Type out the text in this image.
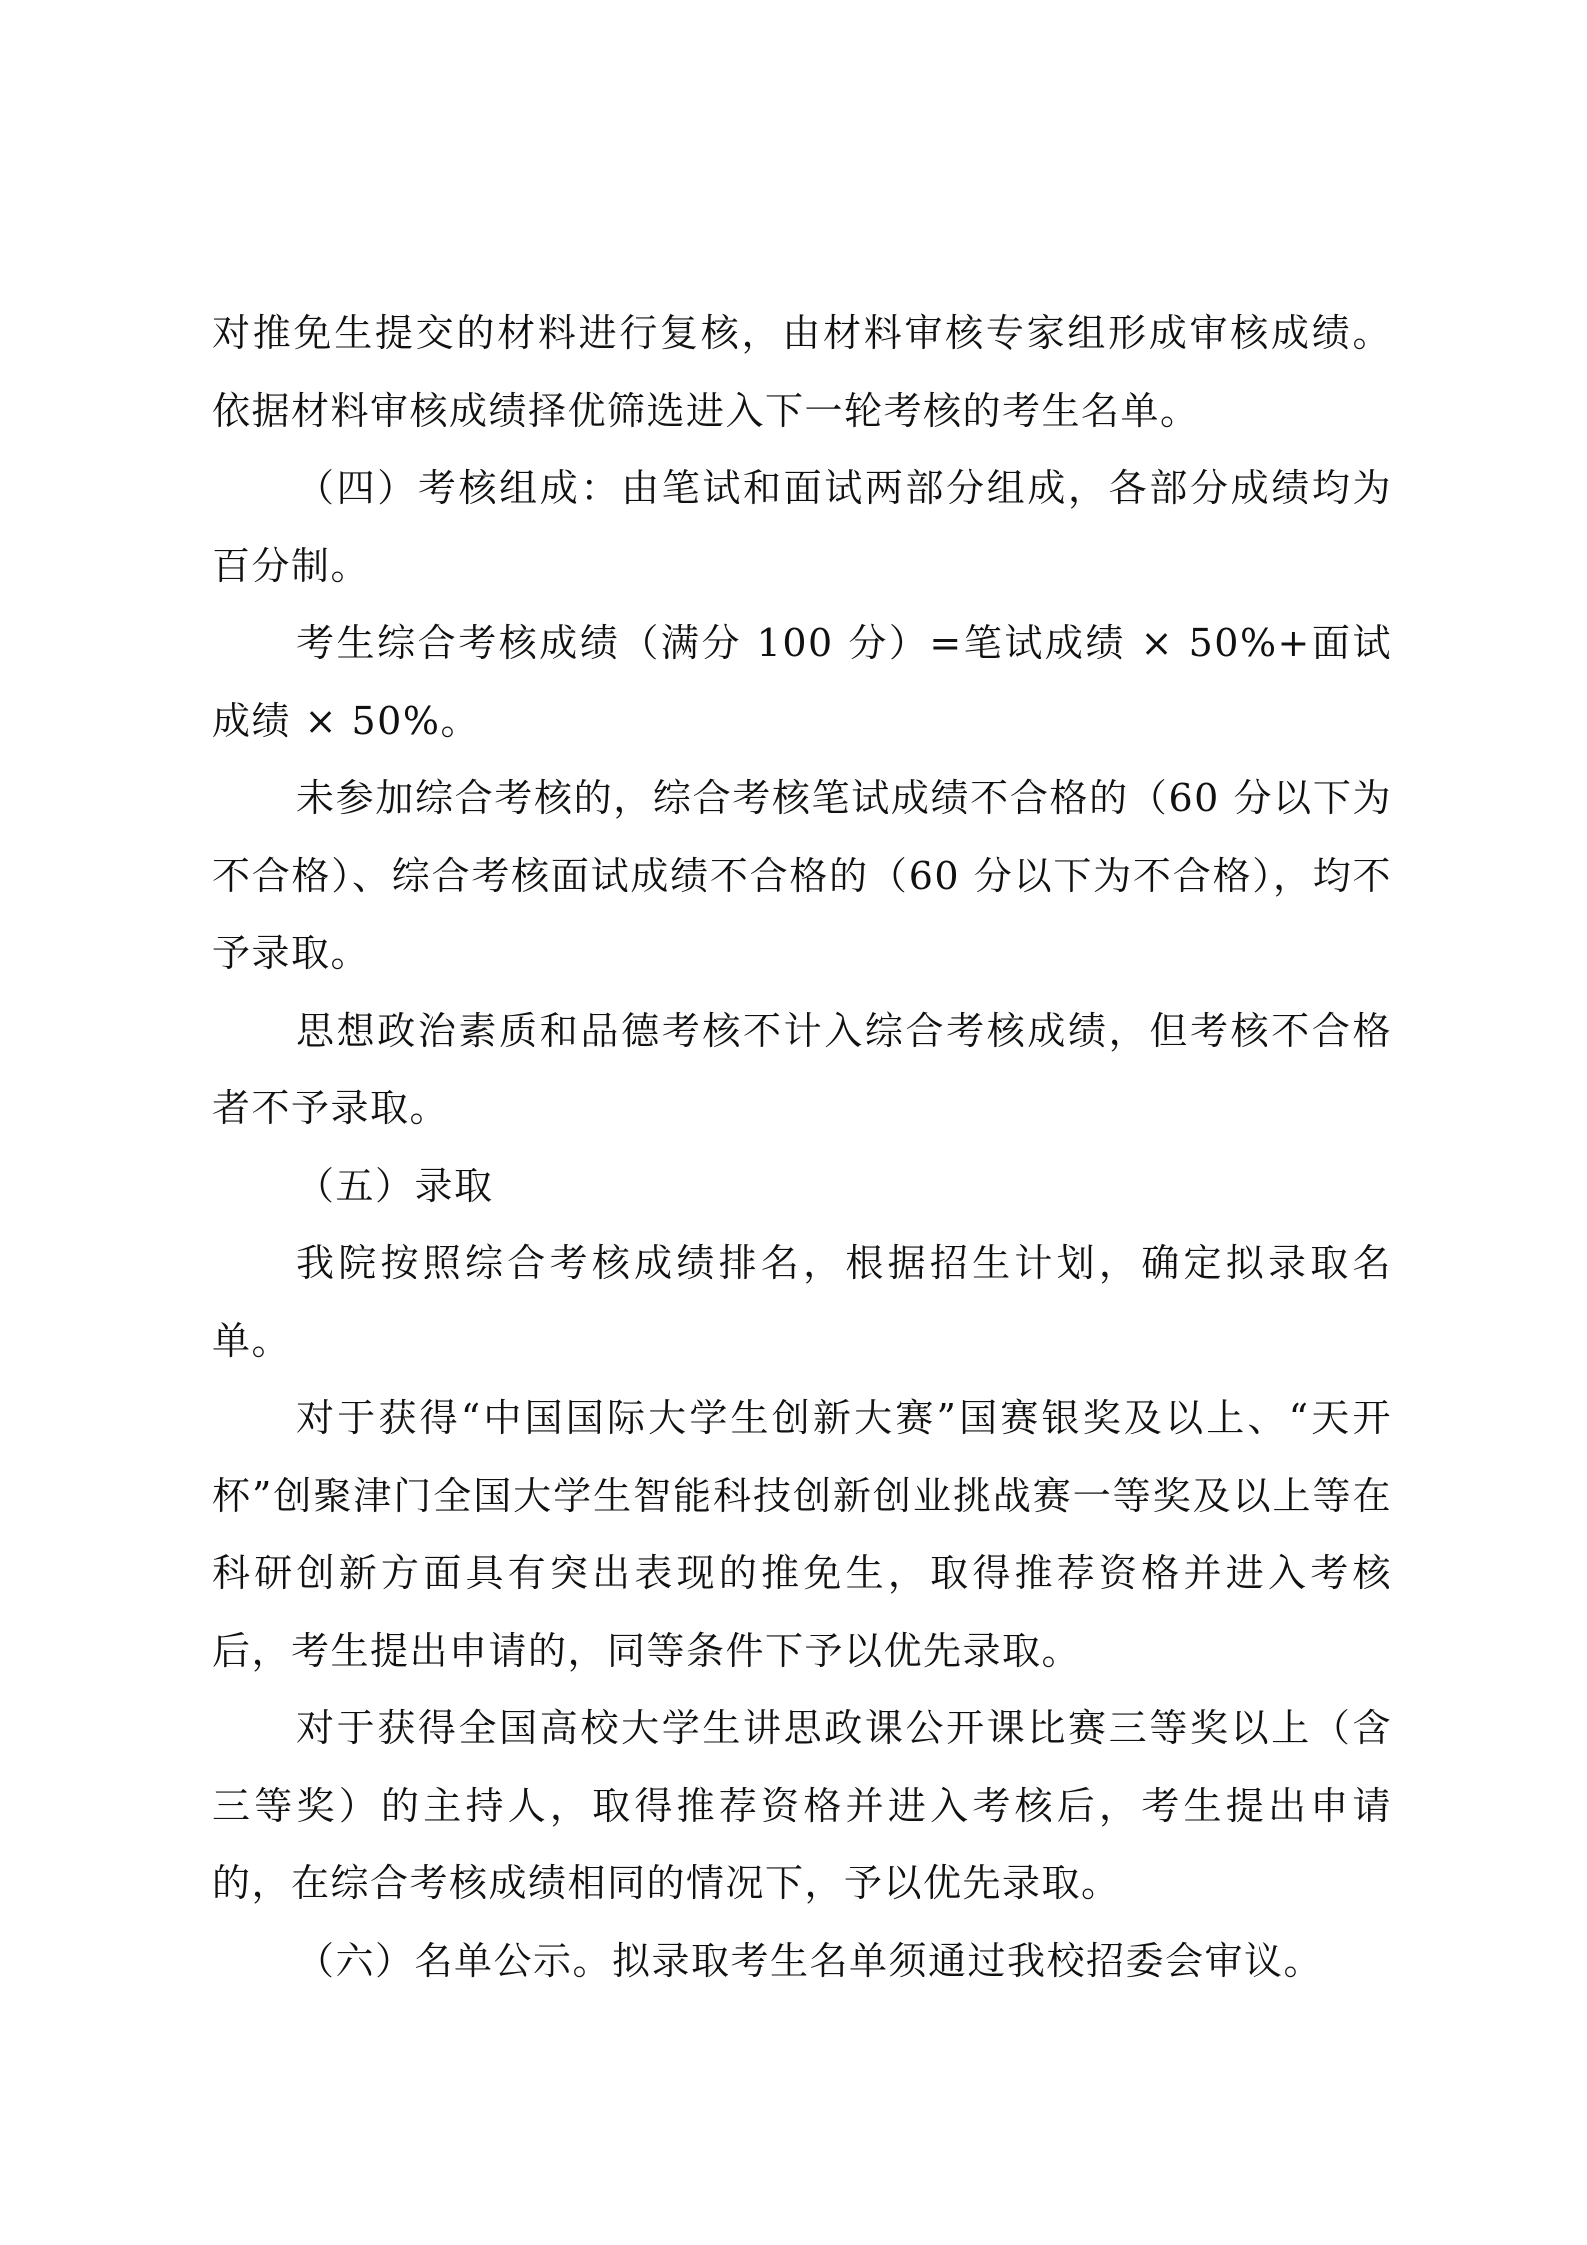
对推免生提交的材料进行复核，由材料审核专家组形成审核成绩。依据材料审核成绩择优筛选进入下一轮考核的考生名单。

（四）考核组成：由笔试和面试两部分组成，各部分成绩均为百分制。

考生综合考核成绩（满分 100 分）=笔试成绩 × 50%+面试成绩 × 50%。

未参加综合考核的，综合考核笔试成绩不合格的（60 分以下为不合格）、综合考核面试成绩不合格的（60 分以下为不合格），均不予录取。

思想政治素质和品德考核不计入综合考核成绩，但考核不合格者不予录取。

（五）录取

我院按照综合考核成绩排名，根据招生计划，确定拟录取名单。

对于获得“中国国际大学生创新大赛”国赛银奖及以上、“天开杯”创聚津门全国大学生智能科技创新创业挑战赛一等奖及以上等在科研创新方面具有突出表现的推免生，取得推荐资格并进入考核后，考生提出申请的，同等条件下予以优先录取。

对于获得全国高校大学生讲思政课公开课比赛三等奖以上（含三等奖）的主持人，取得推荐资格并进入考核后，考生提出申请的，在综合考核成绩相同的情况下，予以优先录取。

（六）名单公示。拟录取考生名单须通过我校招委会审议。
